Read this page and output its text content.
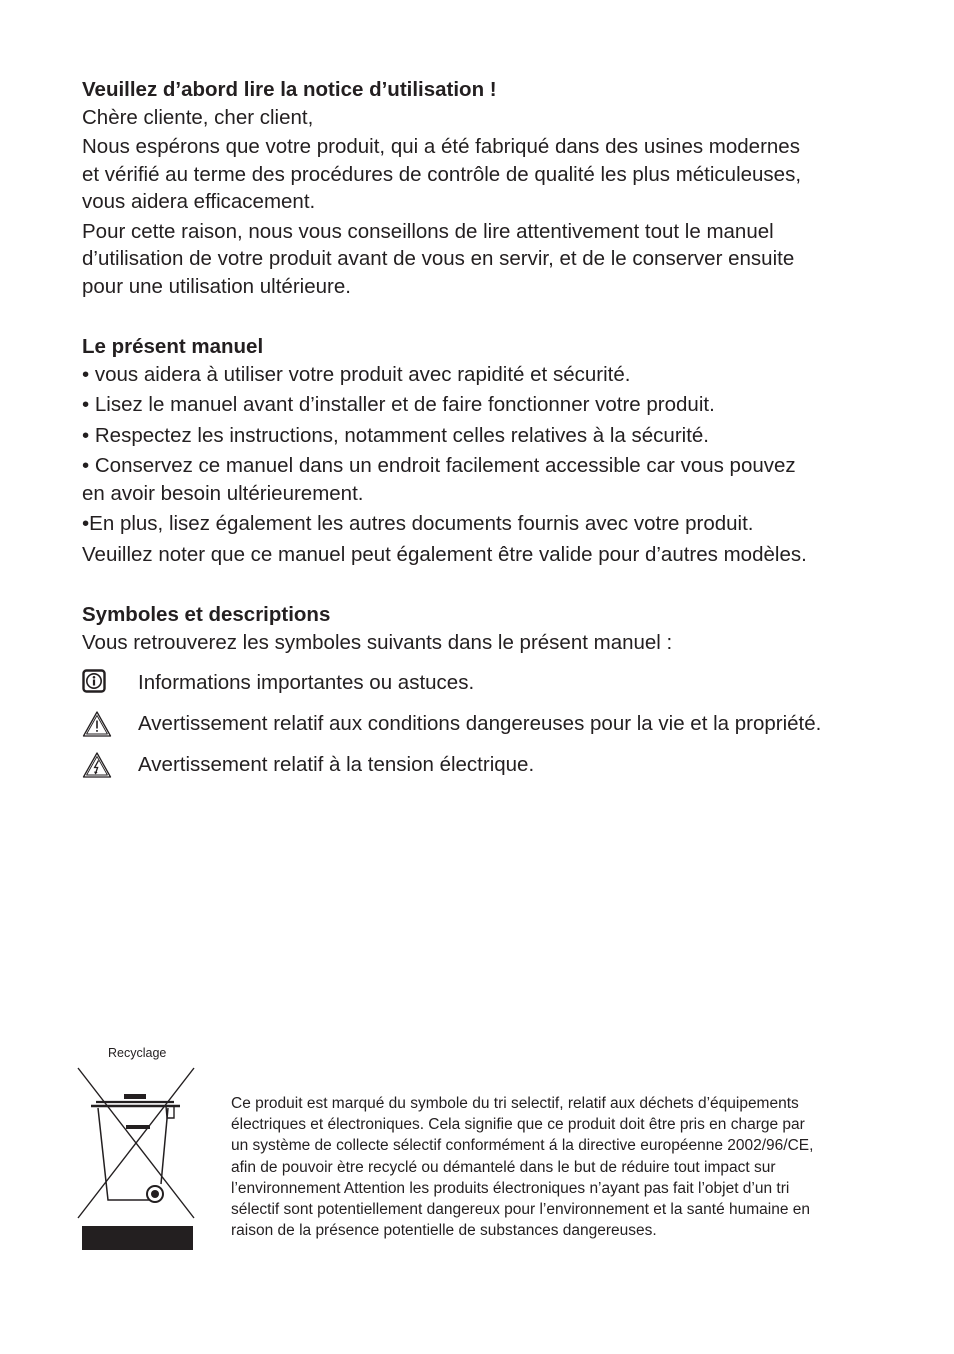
Veuillez d’abord lire la notice d’utilisation !

Chère cliente, cher client,

Nous espérons que votre produit, qui a été fabriqué dans des usines modernes

et vérifié au terme des procédures de contrôle de qualité les plus méticuleuses,

vous aidera efficacement.

Pour cette raison, nous vous conseillons de lire attentivement tout le manuel

d’utilisation de votre produit avant de vous en servir, et de le conserver ensuite

pour une utilisation ultérieure.

Le présent manuel

• vous aidera à utiliser votre produit avec rapidité et sécurité.

• Lisez le manuel avant d’installer et de faire fonctionner votre produit.

• Respectez les instructions, notamment celles relatives à la sécurité.

• Conservez ce manuel dans un endroit facilement accessible car vous pouvez

en avoir besoin ultérieurement.

•En plus, lisez également les autres documents fournis avec votre produit.

Veuillez noter que ce manuel peut également être valide pour d’autres modèles.

Symboles et descriptions

Vous retrouverez les symboles suivants dans le présent manuel :

Informations importantes ou astuces.
Avertissement relatif aux conditions dangereuses pour la vie et la propriété.
Avertissement relatif à la tension électrique.
Recyclage

Ce produit est marqué du symbole du tri selectif, relatif aux déchets d’équipements

électriques et électroniques. Cela signifie que ce produit doit être pris en charge par

un système de collecte sélectif conformément á la directive européenne 2002/96/CE,

afin de pouvoir ètre recyclé ou démantelé dans le but de réduire tout impact sur

l’environnement Attention les produits électroniques n’ayant pas fait l’objet d’un tri

sélectif sont potentiellement dangereux pour l’environnement et la santé humaine en

raison de la présence potentielle de substances dangereuses.
